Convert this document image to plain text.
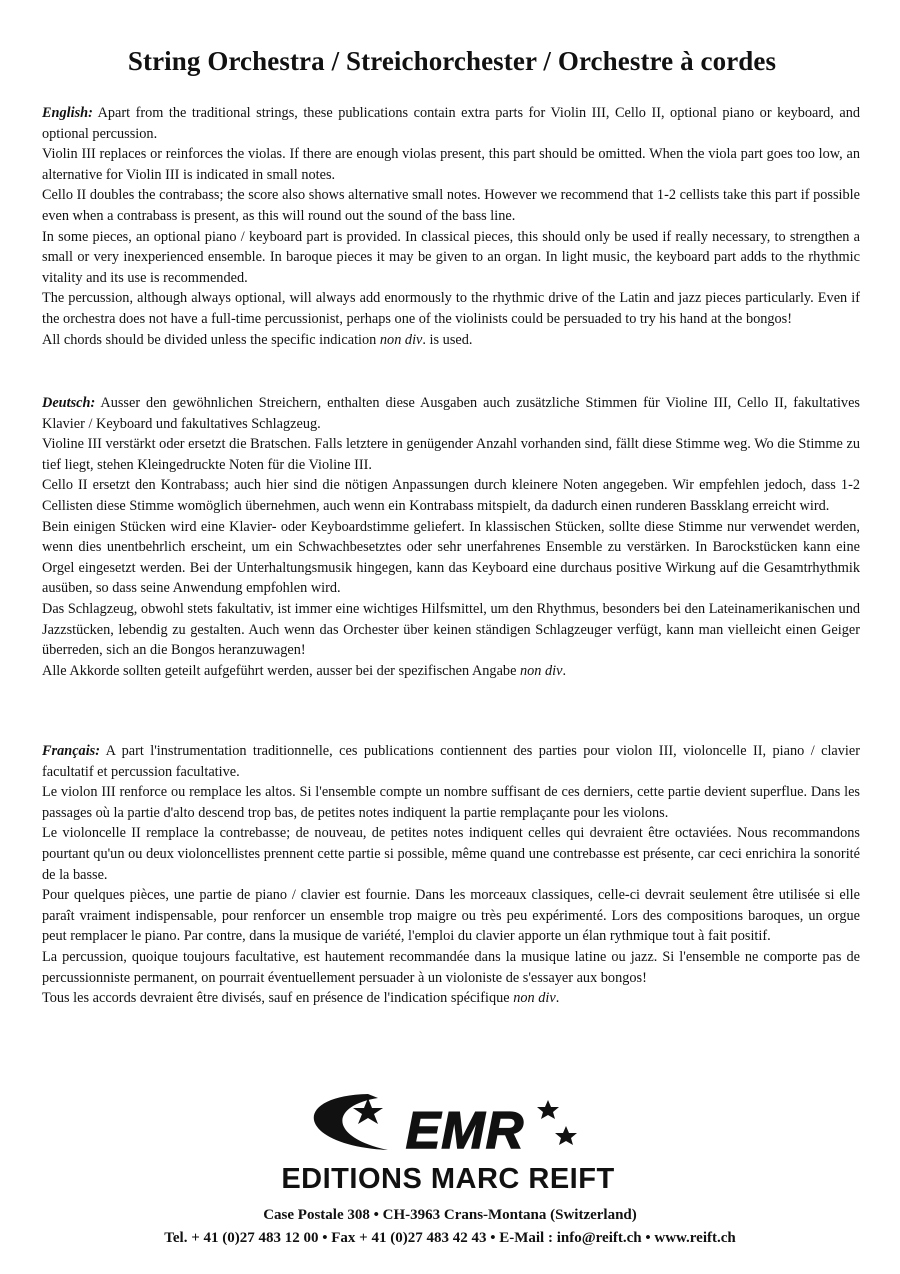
String Orchestra / Streichorchester / Orchestre à cordes

English: Apart from the traditional strings, these publications contain extra parts for Violin III, Cello II, optional piano or keyboard, and optional percussion.

Violin III replaces or reinforces the violas. If there are enough violas present, this part should be omitted. When the viola part goes too low, an alternative for Violin III is indicated in small notes.

Cello II doubles the contrabass; the score also shows alternative small notes. However we recommend that 1-2 cellists take this part if possible even when a contrabass is present, as this will round out the sound of the bass line.

In some pieces, an optional piano / keyboard part is provided. In classical pieces, this should only be used if really necessary, to strengthen a small or very inexperienced ensemble. In baroque pieces it may be given to an organ. In light music, the keyboard part adds to the rhythmic vitality and its use is recommended.

The percussion, although always optional, will always add enormously to the rhythmic drive of the Latin and jazz pieces particularly. Even if the orchestra does not have a full-time percussionist, perhaps one of the violinists could be persuaded to try his hand at the bongos!

All chords should be divided unless the specific indication non div. is used.

Deutsch: Ausser den gewöhnlichen Streichern, enthalten diese Ausgaben auch zusätzliche Stimmen für Violine III, Cello II, fakultatives Klavier / Keyboard und fakultatives Schlagzeug.

Violine III verstärkt oder ersetzt die Bratschen. Falls letztere in genügender Anzahl vorhanden sind, fällt diese Stimme weg. Wo die Stimme zu tief liegt, stehen Kleingedruckte Noten für die Violine III.

Cello II ersetzt den Kontrabass; auch hier sind die nötigen Anpassungen durch kleinere Noten angegeben. Wir empfehlen jedoch, dass 1-2 Cellisten diese Stimme womöglich übernehmen, auch wenn ein Kontrabass mitspielt, da dadurch einen runderen Bassklang erreicht wird.

Bein einigen Stücken wird eine Klavier- oder Keyboardstimme geliefert. In klassischen Stücken, sollte diese Stimme nur verwendet werden, wenn dies unentbehrlich erscheint, um ein Schwachbesetztes oder sehr unerfahrenes Ensemble zu verstärken. In Barockstücken kann eine Orgel eingesetzt werden. Bei der Unterhaltungsmusik hingegen, kann das Keyboard eine durchaus positive Wirkung auf die Gesamtrhythmik ausüben, so dass seine Anwendung empfohlen wird.

Das Schlagzeug, obwohl stets fakultativ, ist immer eine wichtiges Hilfsmittel, um den Rhythmus, besonders bei den Lateinamerikanischen und Jazzstücken, lebendig zu gestalten. Auch wenn das Orchester über keinen ständigen Schlagzeuger verfügt, kann man vielleicht einen Geiger überreden, sich an die Bongos heranzuwagen!

Alle Akkorde sollten geteilt aufgeführt werden, ausser bei der spezifischen Angabe non div.

Français: A part l'instrumentation traditionnelle, ces publications contiennent des parties pour violon III, violoncelle II, piano / clavier facultatif et percussion facultative.

Le violon III renforce ou remplace les altos. Si l'ensemble compte un nombre suffisant de ces derniers, cette partie devient superflue. Dans les passages où la partie d'alto descend trop bas, de petites notes indiquent la partie remplaçante pour les violons.

Le violoncelle II remplace la contrebasse; de nouveau, de petites notes indiquent celles qui devraient être octaviées. Nous recommandons pourtant qu'un ou deux violoncellistes prennent cette partie si possible, même quand une contrebasse est présente, car ceci enrichira la sonorité de la basse.

Pour quelques pièces, une partie de piano / clavier est fournie. Dans les morceaux classiques, celle-ci devrait seulement être utilisée si elle paraît vraiment indispensable, pour renforcer un ensemble trop maigre ou très peu expérimenté. Lors des compositions baroques, un orgue peut remplacer le piano. Par contre, dans la musique de variété, l'emploi du clavier apporte un élan rythmique tout à fait positif.

La percussion, quoique toujours facultative, est hautement recommandée dans la musique latine ou jazz. Si l'ensemble ne comporte pas de percussionniste permanent, on pourrait éventuellement persuader à un violoniste de s'essayer aux bongos!

Tous les accords devraient être divisés, sauf en présence de l'indication spécifique non div.

EMR
EDITIONS MARC REIFT
Case Postale 308 • CH-3963 Crans-Montana (Switzerland)
Tel. + 41 (0)27 483 12 00 • Fax + 41 (0)27 483 42 43 • E-Mail : info@reift.ch • www.reift.ch
